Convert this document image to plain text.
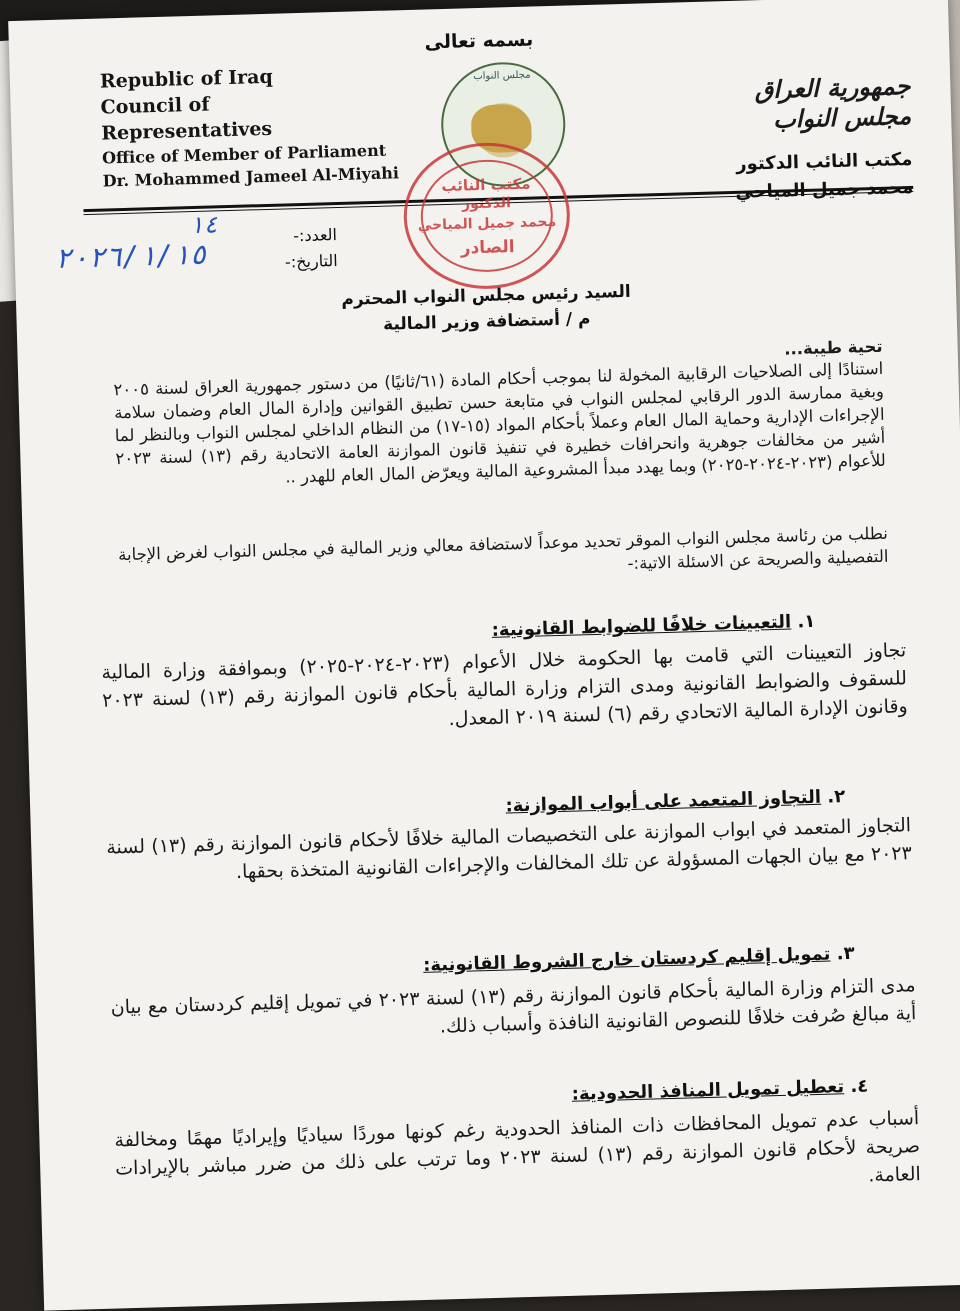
بسمه تعالى
Republic of Iraq
Council of
Representatives
Office of Member of Parliament
Dr. Mohammed Jameel Al-Miyahi
مجلس النواب	جمهورية العراق
مجلس النواب
مكتب النائب الدكتور
محمد جميل المياحي
مكتب النائب
الدكتور
محمد جميل المياحي
الصادر
العدد:-
التاريخ:-
١٤
٢٠٢٦/١/١٥
السيد رئيس مجلس النواب المحترم
م / أستضافة وزير المالية
تحية طيبة...
استنادًا إلى الصلاحيات الرقابية المخولة لنا بموجب أحكام المادة (٦١/ثانيًا) من دستور جمهورية العراق لسنة ٢٠٠٥ وبغية ممارسة الدور الرقابي لمجلس النواب في متابعة حسن تطبيق القوانين وإدارة المال العام وضمان سلامة الإجراءات الإدارية وحماية المال العام وعملاً بأحكام المواد (١٥-١٧) من النظام الداخلي لمجلس النواب وبالنظر لما أشير من مخالفات جوهرية وانحرافات خطيرة في تنفيذ قانون الموازنة العامة الاتحادية رقم (١٣) لسنة ٢٠٢٣ للأعوام (٢٠٢٣-٢٠٢٤-٢٠٢٥) وبما يهدد مبدأ المشروعية المالية ويعرّض المال العام للهدر ..
نطلب من رئاسة مجلس النواب الموقر تحديد موعداً لاستضافة معالي وزير المالية في مجلس النواب لغرض الإجابة التفصيلية والصريحة عن الاسئلة الاتية:-
١. التعيينات خلافًا للضوابط القانونية:
تجاوز التعيينات التي قامت بها الحكومة خلال الأعوام (٢٠٢٣-٢٠٢٤-٢٠٢٥) وبموافقة وزارة المالية للسقوف والضوابط القانونية ومدى التزام وزارة المالية بأحكام قانون الموازنة رقم (١٣) لسنة ٢٠٢٣ وقانون الإدارة المالية الاتحادي رقم (٦) لسنة ٢٠١٩ المعدل.
٢. التجاوز المتعمد على أبواب الموازنة:
التجاوز المتعمد في ابواب الموازنة على التخصيصات المالية خلافًا لأحكام قانون الموازنة رقم (١٣) لسنة ٢٠٢٣ مع بيان الجهات المسؤولة عن تلك المخالفات والإجراءات القانونية المتخذة بحقها.
٣. تمويل إقليم كردستان خارج الشروط القانونية:
مدى التزام وزارة المالية بأحكام قانون الموازنة رقم (١٣) لسنة ٢٠٢٣ في تمويل إقليم كردستان مع بيان أية مبالغ صُرفت خلافًا للنصوص القانونية النافذة وأسباب ذلك.
٤. تعطيل تمويل المنافذ الحدودية:
أسباب عدم تمويل المحافظات ذات المنافذ الحدودية رغم كونها موردًا سياديًا وإيراديًا مهمًا ومخالفة صريحة لأحكام قانون الموازنة رقم (١٣) لسنة ٢٠٢٣ وما ترتب على ذلك من ضرر مباشر بالإيرادات العامة.
